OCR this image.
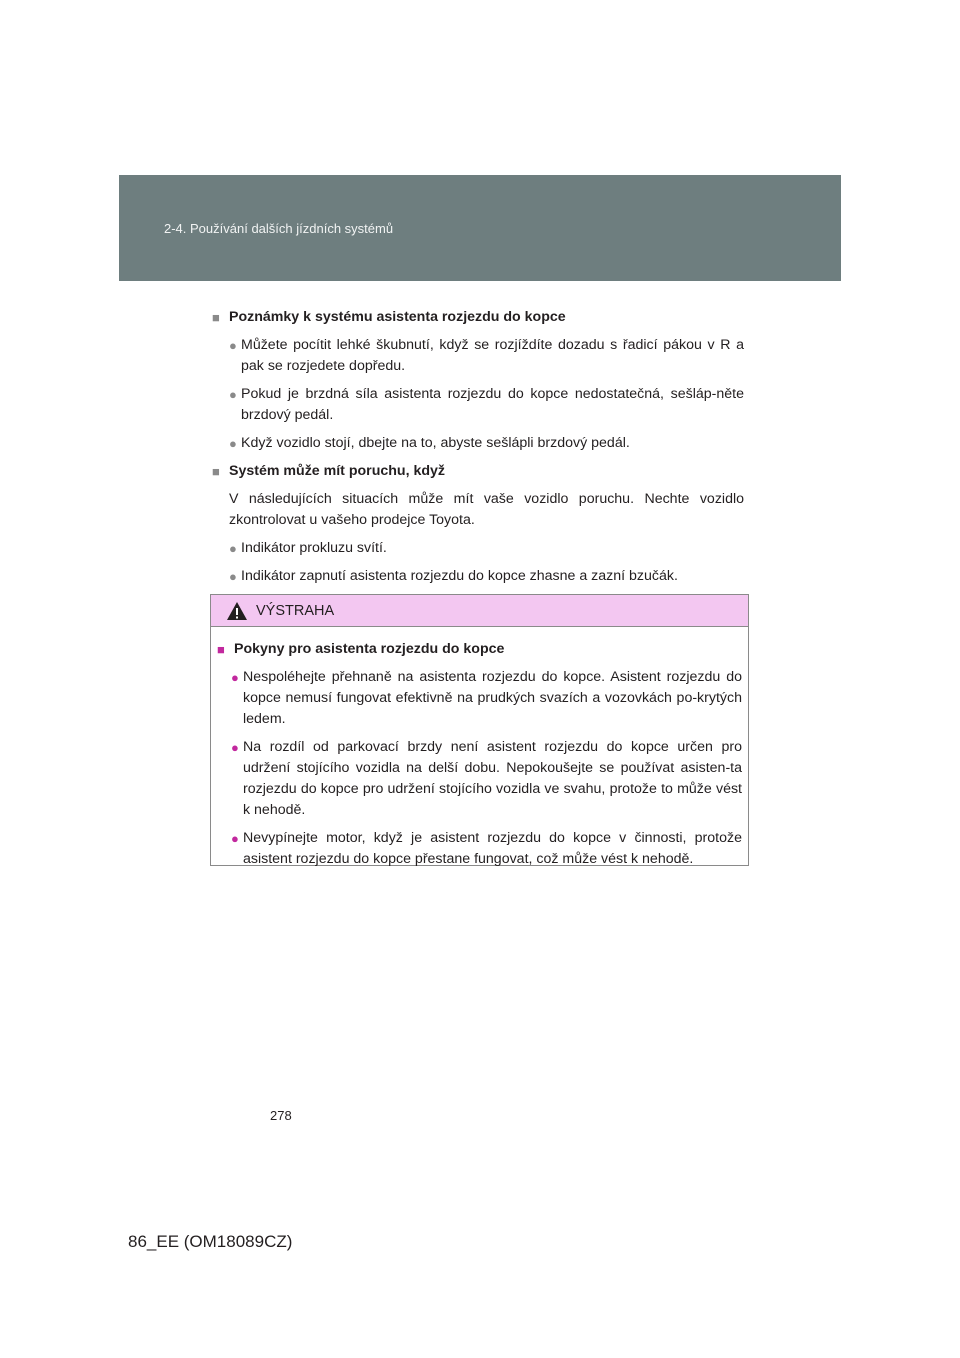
2-4. Používání dalších jízdních systémů
■ Poznámky k systému asistenta rozjezdu do kopce
● Můžete pocítit lehké škubnutí, když se rozjíždíte dozadu s řadicí pákou v R a pak se rozjedete dopředu.
● Pokud je brzdná síla asistenta rozjezdu do kopce nedostatečná, sešláp-něte brzdový pedál.
● Když vozidlo stojí, dbejte na to, abyste sešlápli brzdový pedál.
■ Systém může mít poruchu, když
V následujících situacích může mít vaše vozidlo poruchu. Nechte vozidlo zkontrolovat u vašeho prodejce Toyota.
● Indikátor prokluzu svítí.
● Indikátor zapnutí asistenta rozjezdu do kopce zhasne a zazní bzučák.
VÝSTRAHA
■ Pokyny pro asistenta rozjezdu do kopce
● Nespoléhejte přehnaně na asistenta rozjezdu do kopce. Asistent rozjezdu do kopce nemusí fungovat efektivně na prudkých svazích a vozovkách po-krytých ledem.
● Na rozdíl od parkovací brzdy není asistent rozjezdu do kopce určen pro udržení stojícího vozidla na delší dobu. Nepokoušejte se používat asisten-ta rozjezdu do kopce pro udržení stojícího vozidla ve svahu, protože to může vést k nehodě.
● Nevypínejte motor, když je asistent rozjezdu do kopce v činnosti, protože asistent rozjezdu do kopce přestane fungovat, což může vést k nehodě.
278
86_EE (OM18089CZ)
